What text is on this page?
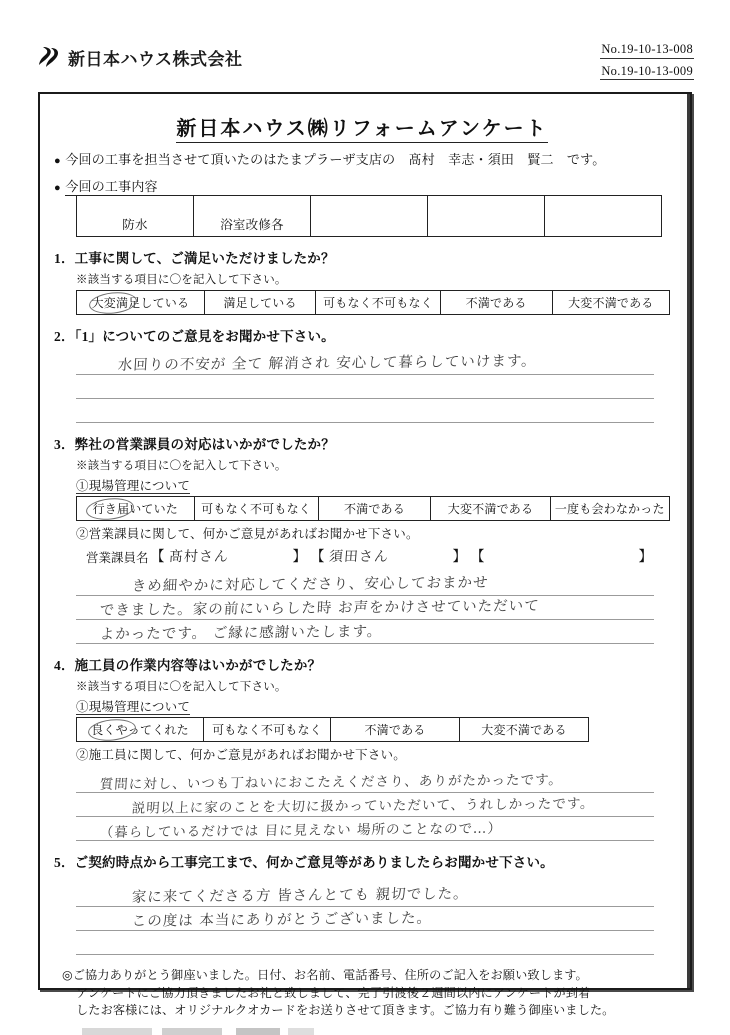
新日本ハウス株式会社
No.19-10-13-008
No.19-10-13-009
新日本ハウス㈱リフォームアンケート
● 今回の工事を担当させて頂いたのはたまプラーザ支店の　髙村　幸志・須田　賢二　です。
● 今回の工事内容
防水	浴室改修各			
1．工事に関して、ご満足いただけましたか？
※該当する項目に〇を記入して下さい。
大変満足している	満足している	可もなく不可もなく	不満である	大変不満である
2．「1」についてのご意見をお聞かせ下さい。
水回りの不安が 全て 解消され 安心して暮らしていけます。
3．弊社の営業課員の対応はいかがでしたか？
※該当する項目に〇を記入して下さい。
①現場管理について
行き届いていた	可もなく不可もなく	不満である	大変不満である	一度も会わなかった
②営業課員に関して、何かご意見があればお聞かせ下さい。
営業課員名 【 髙村さん	】 【 須田さん	】 【	】
きめ細やかに対応してくださり、安心しておまかせ
できました。家の前にいらした時 お声をかけさせていただいて
よかったです。 ご縁に感謝いたします。
4．施工員の作業内容等はいかがでしたか？
※該当する項目に〇を記入して下さい。
①現場管理について
良くやってくれた	可もなく不可もなく	不満である	大変不満である
②施工員に関して、何かご意見があればお聞かせ下さい。
質問に対し、いつも丁ねいにおこたえくださり、ありがたかったです。
説明以上に家のことを大切に扱かっていただいて、うれしかったです。
（暮らしているだけでは 目に見えない 場所のことなので…）
5．ご契約時点から工事完工まで、何かご意見等がありましたらお聞かせ下さい。
家に来てくださる方 皆さんとても 親切でした。
この度は 本当にありがとうございました。
◎ご協力ありがとう御座いました。日付、お名前、電話番号、住所のご記入をお願い致します。
アンケートにご協力頂きましたお礼と致しまして、完了引渡後２週間以内にアンケートが到着
したお客様には、オリジナルクオカードをお送りさせて頂きます。ご協力有り難う御座いました。
